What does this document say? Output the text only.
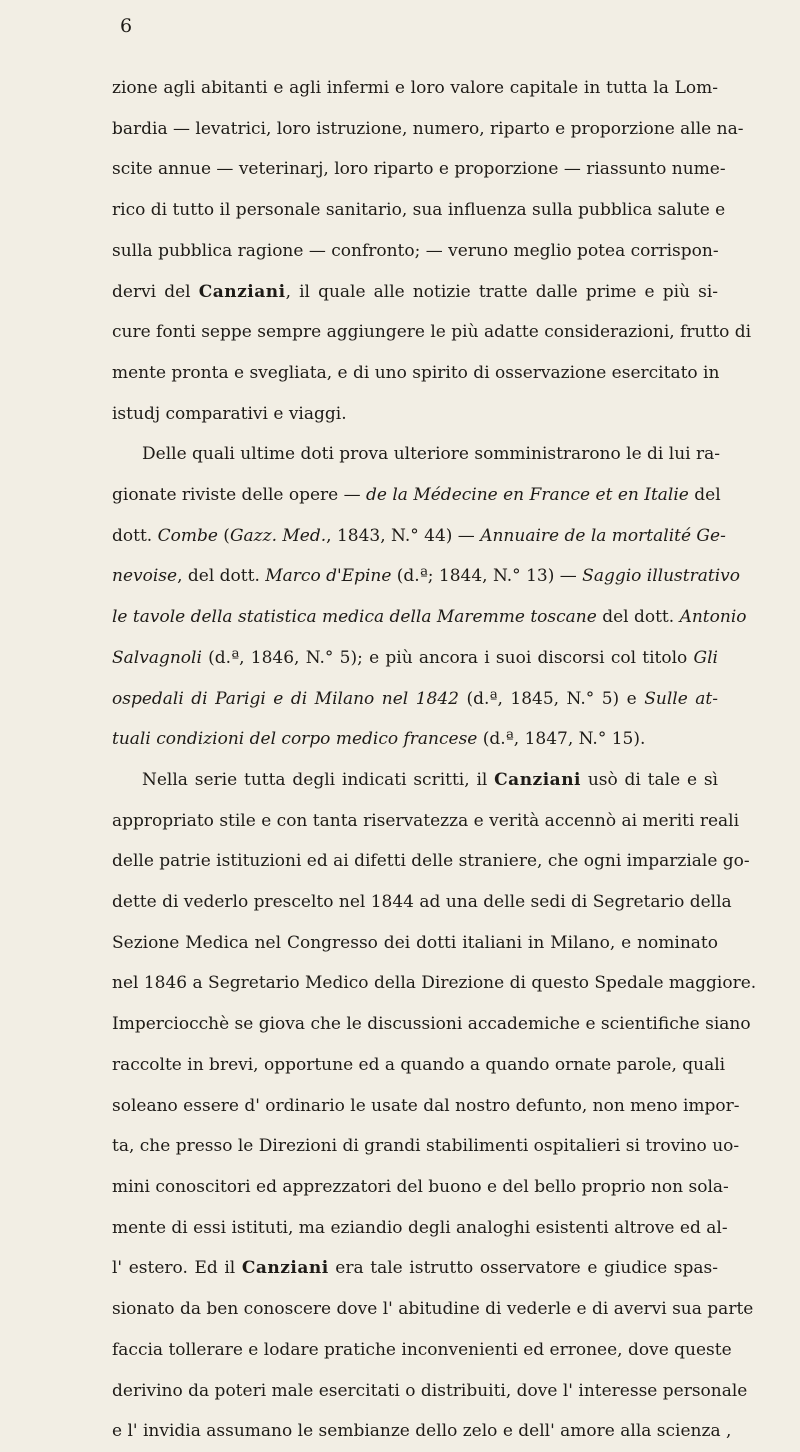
6
zione agli abitanti e agli infermi e loro valore capitale in tutta la Lom-
bardia — levatrici, loro istruzione, numero, riparto e proporzione alle na-
scite annue — veterinarj, loro riparto e proporzione — riassunto nume-
rico di tutto il personale sanitario, sua influenza sulla pubblica salute e
sulla pubblica ragione — confronto; — veruno meglio potea corrispon-
dervi del Canziani, il quale alle notizie tratte dalle prime e più si-
cure fonti seppe sempre aggiungere le più adatte considerazioni, frutto di
mente pronta e svegliata, e di uno spirito di osservazione esercitato in
istudj comparativi e viaggi.
Delle quali ultime doti prova ulteriore somministrarono le di lui ra-
gionate riviste delle opere — de la Médecine en France et en Italie del
dott. Combe (Gazz. Med., 1843, N.° 44) — Annuaire de la mortalité Ge-
nevoise, del dott. Marco d'Epine (d.ª; 1844, N.° 13) — Saggio illustrativo
le tavole della statistica medica della Maremme toscane del dott. Antonio
Salvagnoli (d.ª, 1846, N.° 5); e più ancora i suoi discorsi col titolo Gli
ospedali di Parigi e di Milano nel 1842 (d.ª, 1845, N.° 5) e Sulle at-
tuali condizioni del corpo medico francese (d.ª, 1847, N.° 15).
Nella serie tutta degli indicati scritti, il Canziani usò di tale e sì
appropriato stile e con tanta riservatezza e verità accennò ai meriti reali
delle patrie istituzioni ed ai difetti delle straniere, che ogni imparziale go-
dette di vederlo prescelto nel 1844 ad una delle sedi di Segretario della
Sezione Medica nel Congresso dei dotti italiani in Milano, e nominato
nel 1846 a Segretario Medico della Direzione di questo Spedale maggiore.
Imperciocchè se giova che le discussioni accademiche e scientifiche siano
raccolte in brevi, opportune ed a quando a quando ornate parole, quali
soleano essere d' ordinario le usate dal nostro defunto, non meno impor-
ta, che presso le Direzioni di grandi stabilimenti ospitalieri si trovino uo-
mini conoscitori ed apprezzatori del buono e del bello proprio non sola-
mente di essi istituti, ma eziandio degli analoghi esistenti altrove ed al-
l' estero. Ed il Canziani era tale istrutto osservatore e giudice spas-
sionato da ben conoscere dove l' abitudine di vederle e di avervi sua parte
faccia tollerare e lodare pratiche inconvenienti ed erronee, dove queste
derivino da poteri male esercitati o distribuiti, dove l' interesse personale
e l' invidia assumano le sembianze dello zelo e dell' amore alla scienza ,
